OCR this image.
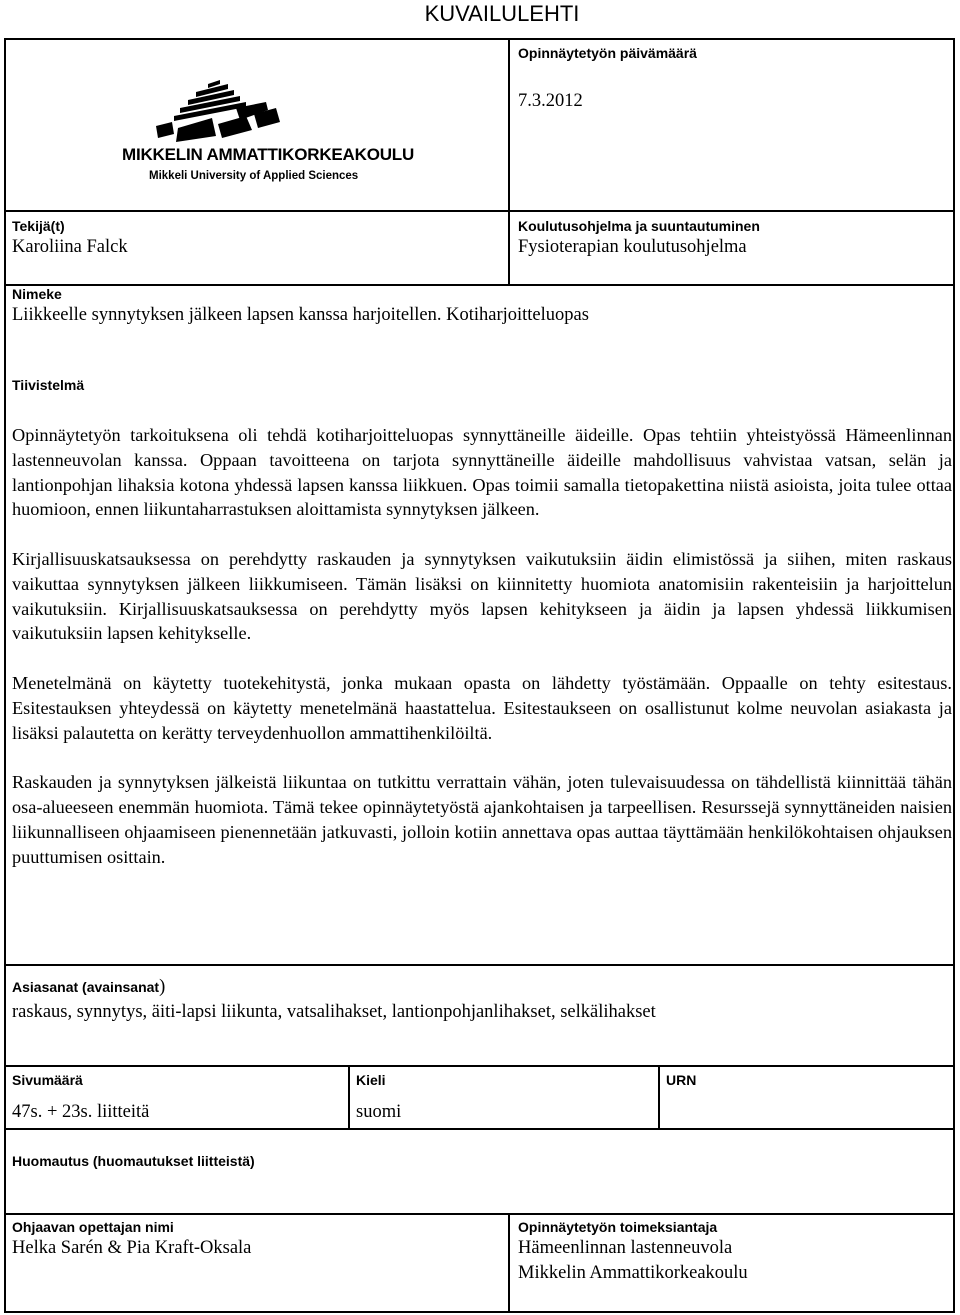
KUVAILULEHTI
MIKKELIN AMMATTIKORKEAKOULU
Mikkeli University of Applied Sciences
Opinnäytetyön päivämäärä
7.3.2012
Tekijä(t)
Karoliina Falck
Koulutusohjelma ja suuntautuminen
Fysioterapian koulutusohjelma
Nimeke
Liikkeelle synnytyksen jälkeen lapsen kanssa harjoitellen. Kotiharjoitteluopas
Tiivistelmä

Opinnäytetyön tarkoituksena oli tehdä kotiharjoitteluopas synnyttäneille äideille. Opas tehtiin yhteistyössä Hämeenlinnan lastenneuvolan kanssa. Oppaan tavoitteena on tarjota synnyttäneille äideille mahdollisuus vahvistaa vatsan, selän ja lantionpohjan lihaksia kotona yhdessä lapsen kanssa liikkuen. Opas toimii samalla tietopakettina niistä asioista, joita tulee ottaa huomioon, ennen liikuntaharrastuksen aloittamista synnytyksen jälkeen.

Kirjallisuuskatsauksessa on perehdytty raskauden ja synnytyksen vaikutuksiin äidin elimistössä ja siihen, miten raskaus vaikuttaa synnytyksen jälkeen liikkumiseen. Tämän lisäksi on kiinnitetty huomiota anatomisiin rakenteisiin ja harjoittelun vaikutuksiin. Kirjallisuuskatsauksessa on perehdytty myös lapsen kehitykseen ja äidin ja lapsen yhdessä liikkumisen vaikutuksiin lapsen kehitykselle.

Menetelmänä on käytetty tuotekehitystä, jonka mukaan opasta on lähdetty työstämään. Oppaalle on tehty esitestaus. Esitestauksen yhteydessä on käytetty menetelmänä haastattelua. Esitestaukseen on osallistunut kolme neuvolan asiakasta ja lisäksi palautetta on kerätty terveydenhuollon ammattihenkilöiltä.

Raskauden ja synnytyksen jälkeistä liikuntaa on tutkittu verrattain vähän, joten tulevaisuudessa on tähdellistä kiinnittää tähän osa-alueeseen enemmän huomiota. Tämä tekee opinnäytetyöstä ajankohtaisen ja tarpeellisen. Resurssejä synnyttäneiden naisien liikunnalliseen ohjaamiseen pienennetään jatkuvasti, jolloin kotiin annettava opas auttaa täyttämään henkilökohtaisen ohjauksen puuttumisen osittain.

Asiasanat (avainsanat)
raskaus, synnytys, äiti-lapsi liikunta, vatsalihakset, lantionpohjanlihakset, selkälihakset
Sivumäärä
47s. + 23s. liitteitä
Kieli
suomi
URN
Huomautus (huomautukset liitteistä)
Ohjaavan opettajan nimi
Helka Sarén & Pia Kraft-Oksala
Opinnäytetyön toimeksiantaja
Hämeenlinnan lastenneuvola
Mikkelin Ammattikorkeakoulu
